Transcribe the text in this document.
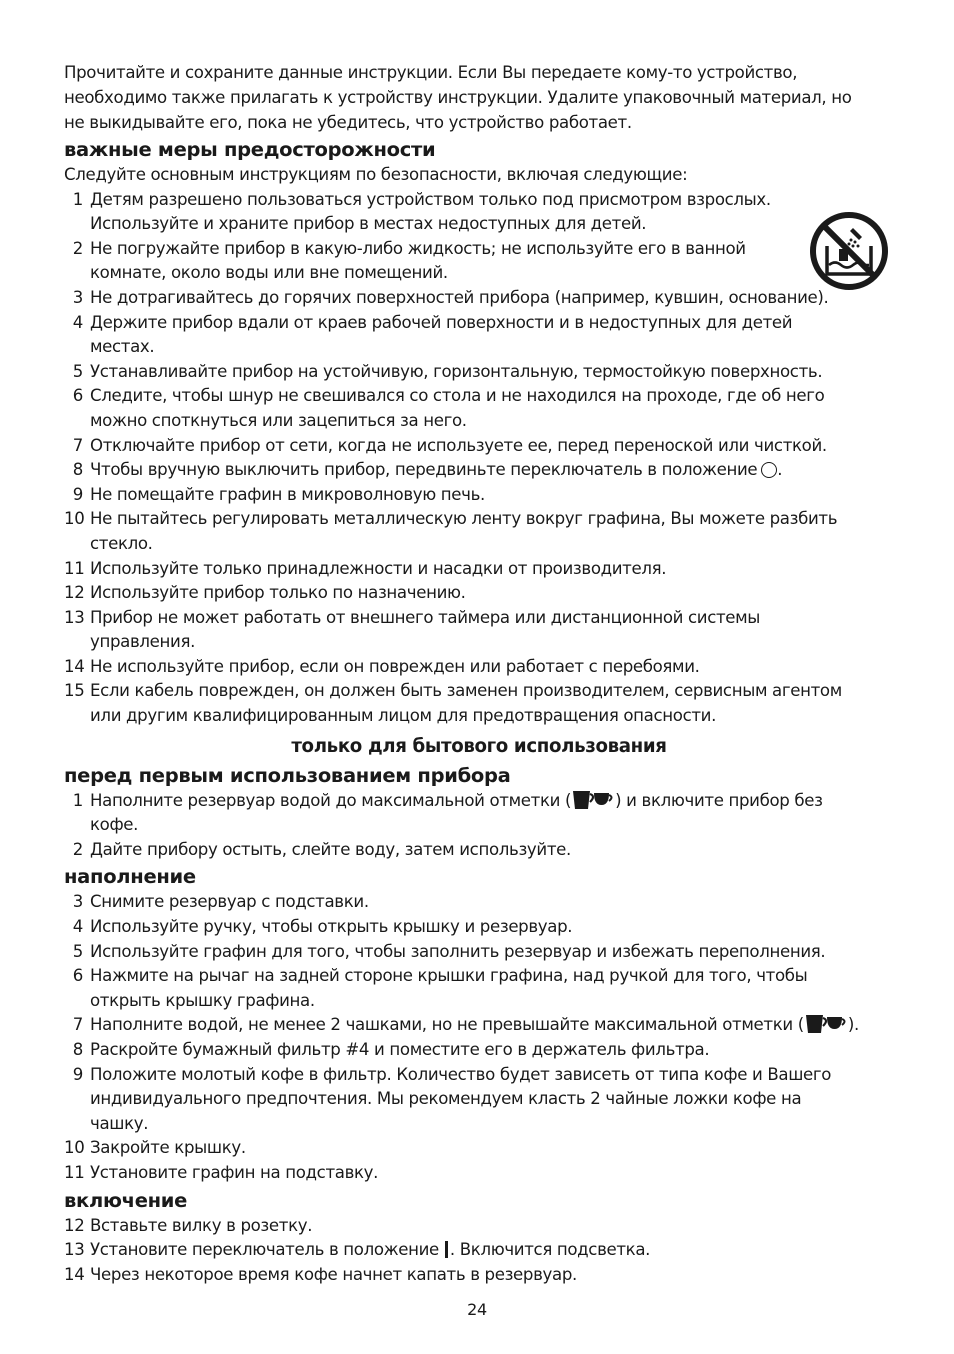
Прочитайте и сохраните данные инструкции. Если Вы передаете кому-то устройство,
необходимо также прилагать к устройству инструкции. Удалите упаковочный материал, но
не выкидывайте его, пока не убедитесь, что устройство работает.
важные меры предосторожности
Следуйте основным инструкциям по безопасности, включая следующие:
1 Детям разрешено пользоваться устройством только под присмотром взрослых.
Используйте и храните прибор в местах недоступных для детей.
2 Не погружайте прибор в какую-либо жидкость; не используйте его в ванной
комнате, около воды или вне помещений.
3 Не дотрагивайтесь до горячих поверхностей прибора (например, кувшин, основание).
4 Держите прибор вдали от краев рабочей поверхности и в недоступных для детей
местах.
5 Устанавливайте прибор на устойчивую, горизонтальную, термостойкую поверхность.
6 Следите, чтобы шнур не свешивался со стола и не находился на проходе, где об него
можно споткнуться или зацепиться за него.
7 Отключайте прибор от сети, когда не используете ее, перед переноской или чисткой.
8 Чтобы вручную выключить прибор, передвиньте переключатель в положение .
9 Не помещайте графин в микроволновую печь.
10 Не пытайтесь регулировать металлическую ленту вокруг графина, Вы можете разбить
стекло.
11 Используйте только принадлежности и насадки от производителя.
12 Используйте прибор только по назначению.
13 Прибор не может работать от внешнего таймера или дистанционной системы
управления.
14 Не используйте прибор, если он поврежден или работает с перебоями.
15 Если кабель поврежден, он должен быть заменен производителем, сервисным агентом
или другим квалифицированным лицом для предотвращения опасности.
только для бытового использования
перед первым использованием прибора
1 Наполните резервуар водой до максимальной отметки (	) и включите прибор без
кофе.
2 Дайте прибору остыть, слейте воду, затем используйте.
наполнение
3 Снимите резервуар с подставки.
4 Используйте ручку, чтобы открыть крышку и резервуар.
5 Используйте графин для того, чтобы заполнить резервуар и избежать переполнения.
6 Нажмите на рычаг на задней стороне крышки графина, над ручкой для того, чтобы
открыть крышку графина.
7 Наполните водой, не менее 2 чашками, но не превышайте максимальной отметки (	).
8 Раскройте бумажный фильтр #4 и поместите его в держатель фильтра.
9 Положите молотый кофе в фильтр. Количество будет зависеть от типа кофе и Вашего
индивидуального предпочтения. Мы рекомендуем класть 2 чайные ложки кофе на
чашку.
10 Закройте крышку.
11 Установите графин на подставку.
включение
12 Вставьте вилку в розетку.
13 Установите переключатель в положение . Включится подсветка.
14 Через некоторое время кофе начнет капать в резервуар.
24
